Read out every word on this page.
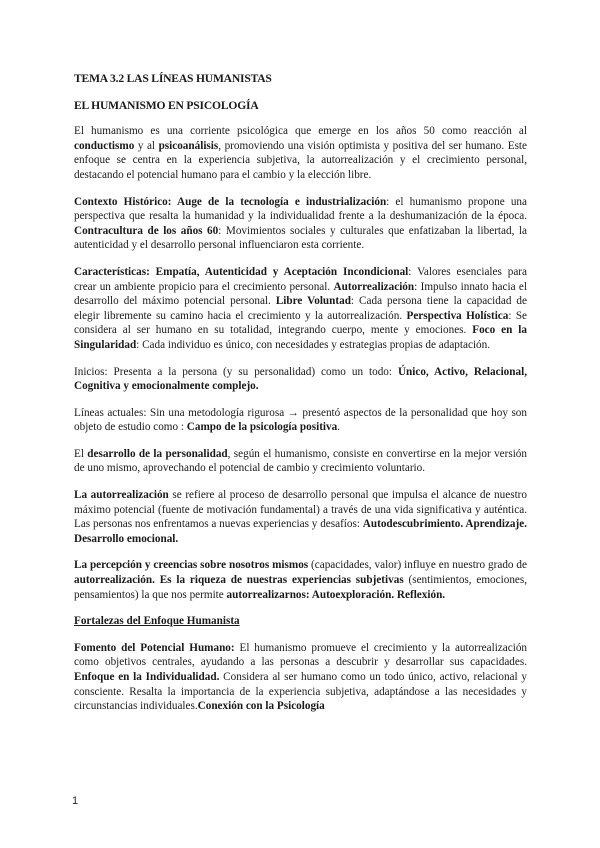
TEMA 3.2 LAS LÍNEAS HUMANISTAS
EL HUMANISMO EN PSICOLOGÍA

El humanismo es una corriente psicológica que emerge en los años 50 como reacción al conductismo y al psicoanálisis, promoviendo una visión optimista y positiva del ser humano. Este enfoque se centra en la experiencia subjetiva, la autorrealización y el crecimiento personal, destacando el potencial humano para el cambio y la elección libre.

Contexto Histórico: Auge de la tecnología e industrialización: el humanismo propone una perspectiva que resalta la humanidad y la individualidad frente a la deshumanización de la época. Contracultura de los años 60: Movimientos sociales y culturales que enfatizaban la libertad, la autenticidad y el desarrollo personal influenciaron esta corriente.

Características: Empatía, Autenticidad y Aceptación Incondicional: Valores esenciales para crear un ambiente propicio para el crecimiento personal. Autorrealización: Impulso innato hacia el desarrollo del máximo potencial personal. Libre Voluntad: Cada persona tiene la capacidad de elegir libremente su camino hacia el crecimiento y la autorrealización. Perspectiva Holística: Se considera al ser humano en su totalidad, integrando cuerpo, mente y emociones. Foco en la Singularidad: Cada individuo es único, con necesidades y estrategias propias de adaptación.

Inicios: Presenta a la persona (y su personalidad) como un todo: Único, Activo, Relacional, Cognitiva y emocionalmente complejo.

Líneas actuales: Sin una metodología rigurosa → presentó aspectos de la personalidad que hoy son objeto de estudio como : Campo de la psicología positiva.

El desarrollo de la personalidad, según el humanismo, consiste en convertirse en la mejor versión de uno mismo, aprovechando el potencial de cambio y crecimiento voluntario.

La autorrealización se refiere al proceso de desarrollo personal que impulsa el alcance de nuestro máximo potencial (fuente de motivación fundamental) a través de una vida significativa y auténtica. Las personas nos enfrentamos a nuevas experiencias y desafíos: Autodescubrimiento. Aprendizaje. Desarrollo emocional.

La percepción y creencias sobre nosotros mismos (capacidades, valor) influye en nuestro grado de autorrealización. Es la riqueza de nuestras experiencias subjetivas (sentimientos, emociones, pensamientos) la que nos permite autorrealizarnos: Autoexploración. Reflexión.

Fortalezas del Enfoque Humanista

Fomento del Potencial Humano: El humanismo promueve el crecimiento y la autorrealización como objetivos centrales, ayudando a las personas a descubrir y desarrollar sus capacidades. Enfoque en la Individualidad. Considera al ser humano como un todo único, activo, relacional y consciente. Resalta la importancia de la experiencia subjetiva, adaptándose a las necesidades y circunstancias individuales.Conexión con la Psicología

1
